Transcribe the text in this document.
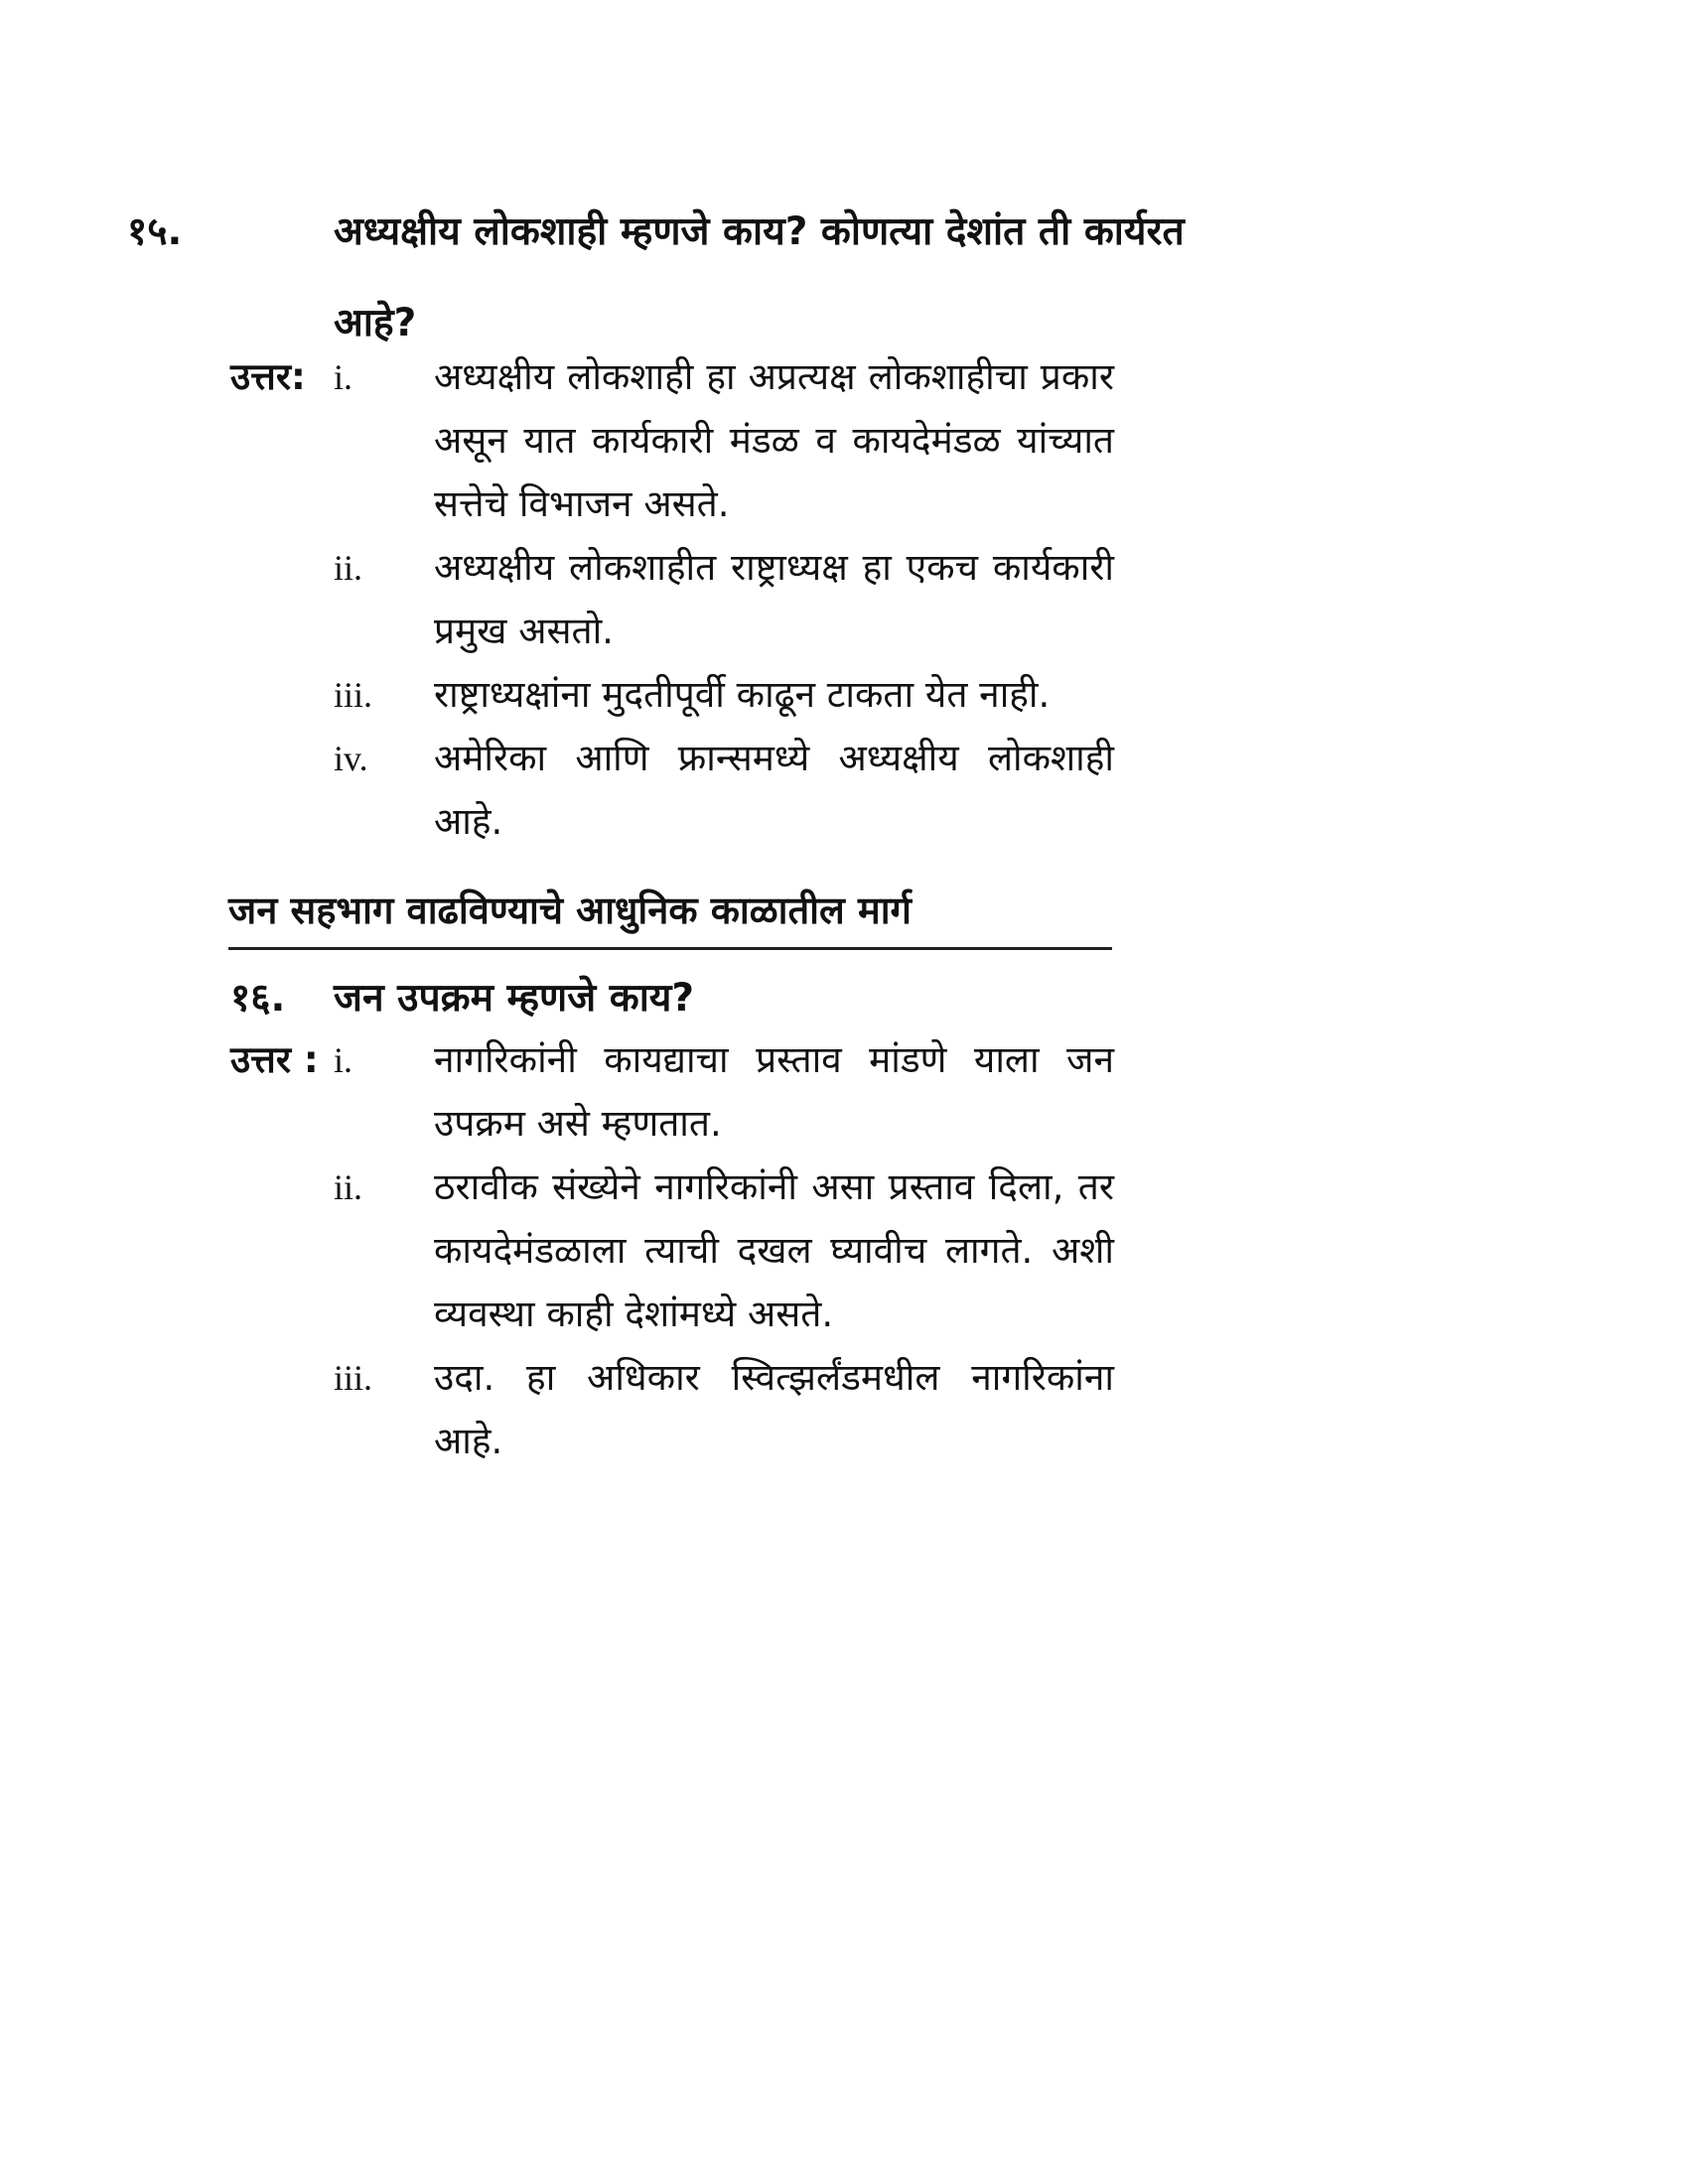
१५.	अध्यक्षीय लोकशाही म्हणजे काय? कोणत्या देशांत ती कार्यरत आहे?
उत्तर: i. अध्यक्षीय लोकशाही हा अप्रत्यक्ष लोकशाहीचा प्रकार असून यात कार्यकारी मंडळ व कायदेमंडळ यांच्यात सत्तेचे विभाजन असते.
ii. अध्यक्षीय लोकशाहीत राष्ट्राध्यक्ष हा एकच कार्यकारी प्रमुख असतो.
iii. राष्ट्राध्यक्षांना मुदतीपूर्वी काढून टाकता येत नाही.
iv. अमेरिका आणि फ्रान्समध्ये अध्यक्षीय लोकशाही आहे.
जन सहभाग वाढविण्याचे आधुनिक काळातील मार्ग
१६. जन उपक्रम म्हणजे काय?
उत्तर : i. नागरिकांनी कायद्याचा प्रस्ताव मांडणे याला जन उपक्रम असे म्हणतात.
ii. ठरावीक संख्येने नागरिकांनी असा प्रस्ताव दिला, तर कायदेमंडळाला त्याची दखल घ्यावीच लागते. अशी व्यवस्था काही देशांमध्ये असते.
iii. उदा. हा अधिकार स्वित्झर्लंडमधील नागरिकांना आहे.
